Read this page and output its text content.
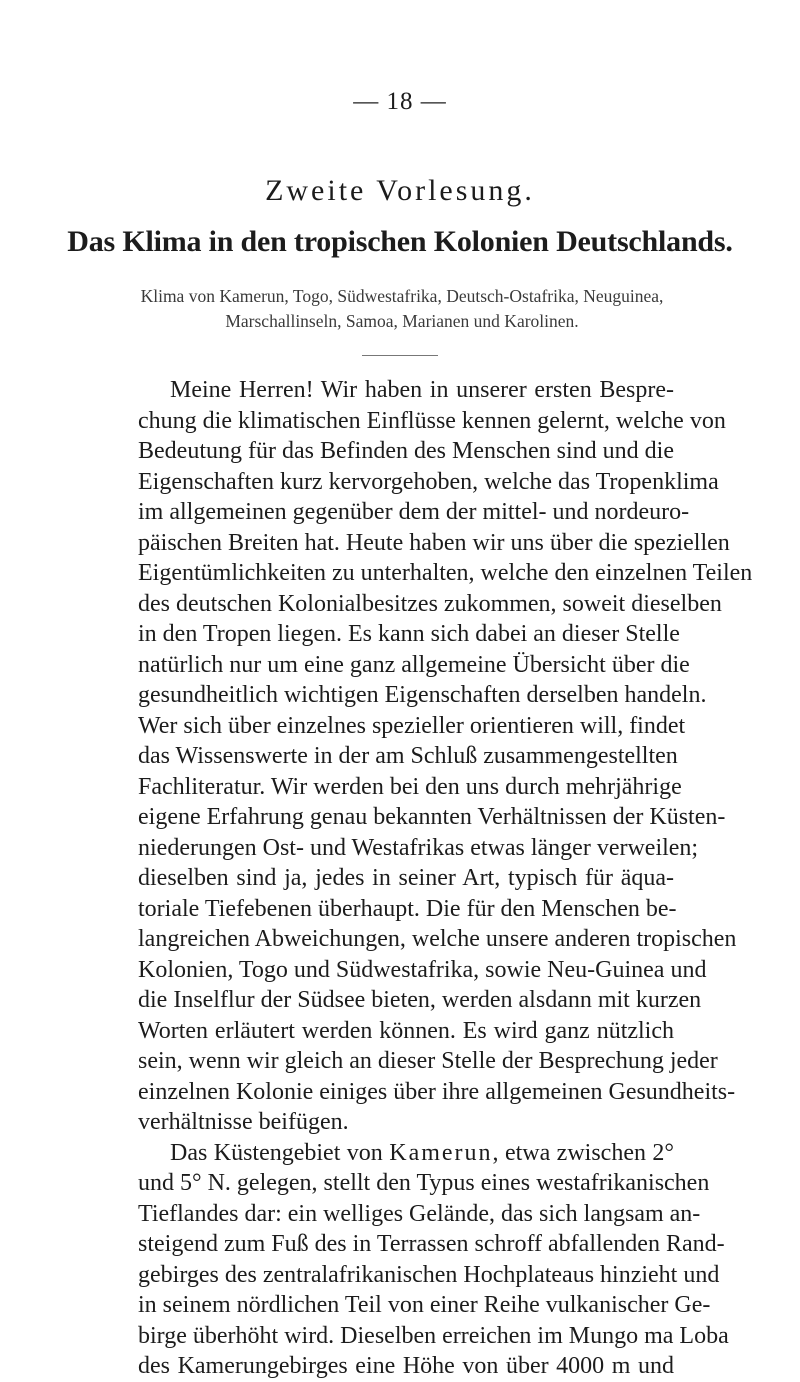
— 18 —
Zweite Vorlesung.
Das Klima in den tropischen Kolonien Deutschlands.
Klima von Kamerun, Togo, Südwestafrika, Deutsch-Ostafrika, Neuguinea,
Marschallinseln, Samoa, Marianen und Karolinen.
Meine Herren! Wir haben in unserer ersten Bespre-
chung die klimatischen Einflüsse kennen gelernt, welche von
Bedeutung für das Befinden des Menschen sind und die
Eigenschaften kurz kervorgehoben, welche das Tropenklima
im allgemeinen gegenüber dem der mittel- und nordeuro-
päischen Breiten hat. Heute haben wir uns über die speziellen
Eigentümlichkeiten zu unterhalten, welche den einzelnen Teilen
des deutschen Kolonialbesitzes zukommen, soweit dieselben
in den Tropen liegen. Es kann sich dabei an dieser Stelle
natürlich nur um eine ganz allgemeine Übersicht über die
gesundheitlich wichtigen Eigenschaften derselben handeln.
Wer sich über einzelnes spezieller orientieren will, findet
das Wissenswerte in der am Schluß zusammengestellten
Fachliteratur. Wir werden bei den uns durch mehrjährige
eigene Erfahrung genau bekannten Verhältnissen der Küsten-
niederungen Ost- und Westafrikas etwas länger verweilen;
dieselben sind ja, jedes in seiner Art, typisch für äqua-
toriale Tiefebenen überhaupt. Die für den Menschen be-
langreichen Abweichungen, welche unsere anderen tropischen
Kolonien, Togo und Südwestafrika, sowie Neu-Guinea und
die Inselflur der Südsee bieten, werden alsdann mit kurzen
Worten erläutert werden können. Es wird ganz nützlich
sein, wenn wir gleich an dieser Stelle der Besprechung jeder
einzelnen Kolonie einiges über ihre allgemeinen Gesundheits-
verhältnisse beifügen.
Das Küstengebiet von Kamerun, etwa zwischen 2°
und 5° N. gelegen, stellt den Typus eines westafrikanischen
Tieflandes dar: ein welliges Gelände, das sich langsam an-
steigend zum Fuß des in Terrassen schroff abfallenden Rand-
gebirges des zentralafrikanischen Hochplateaus hinzieht und
in seinem nördlichen Teil von einer Reihe vulkanischer Ge-
birge überhöht wird. Dieselben erreichen im Mungo ma Loba
des Kamerungebirges eine Höhe von über 4000 m und
